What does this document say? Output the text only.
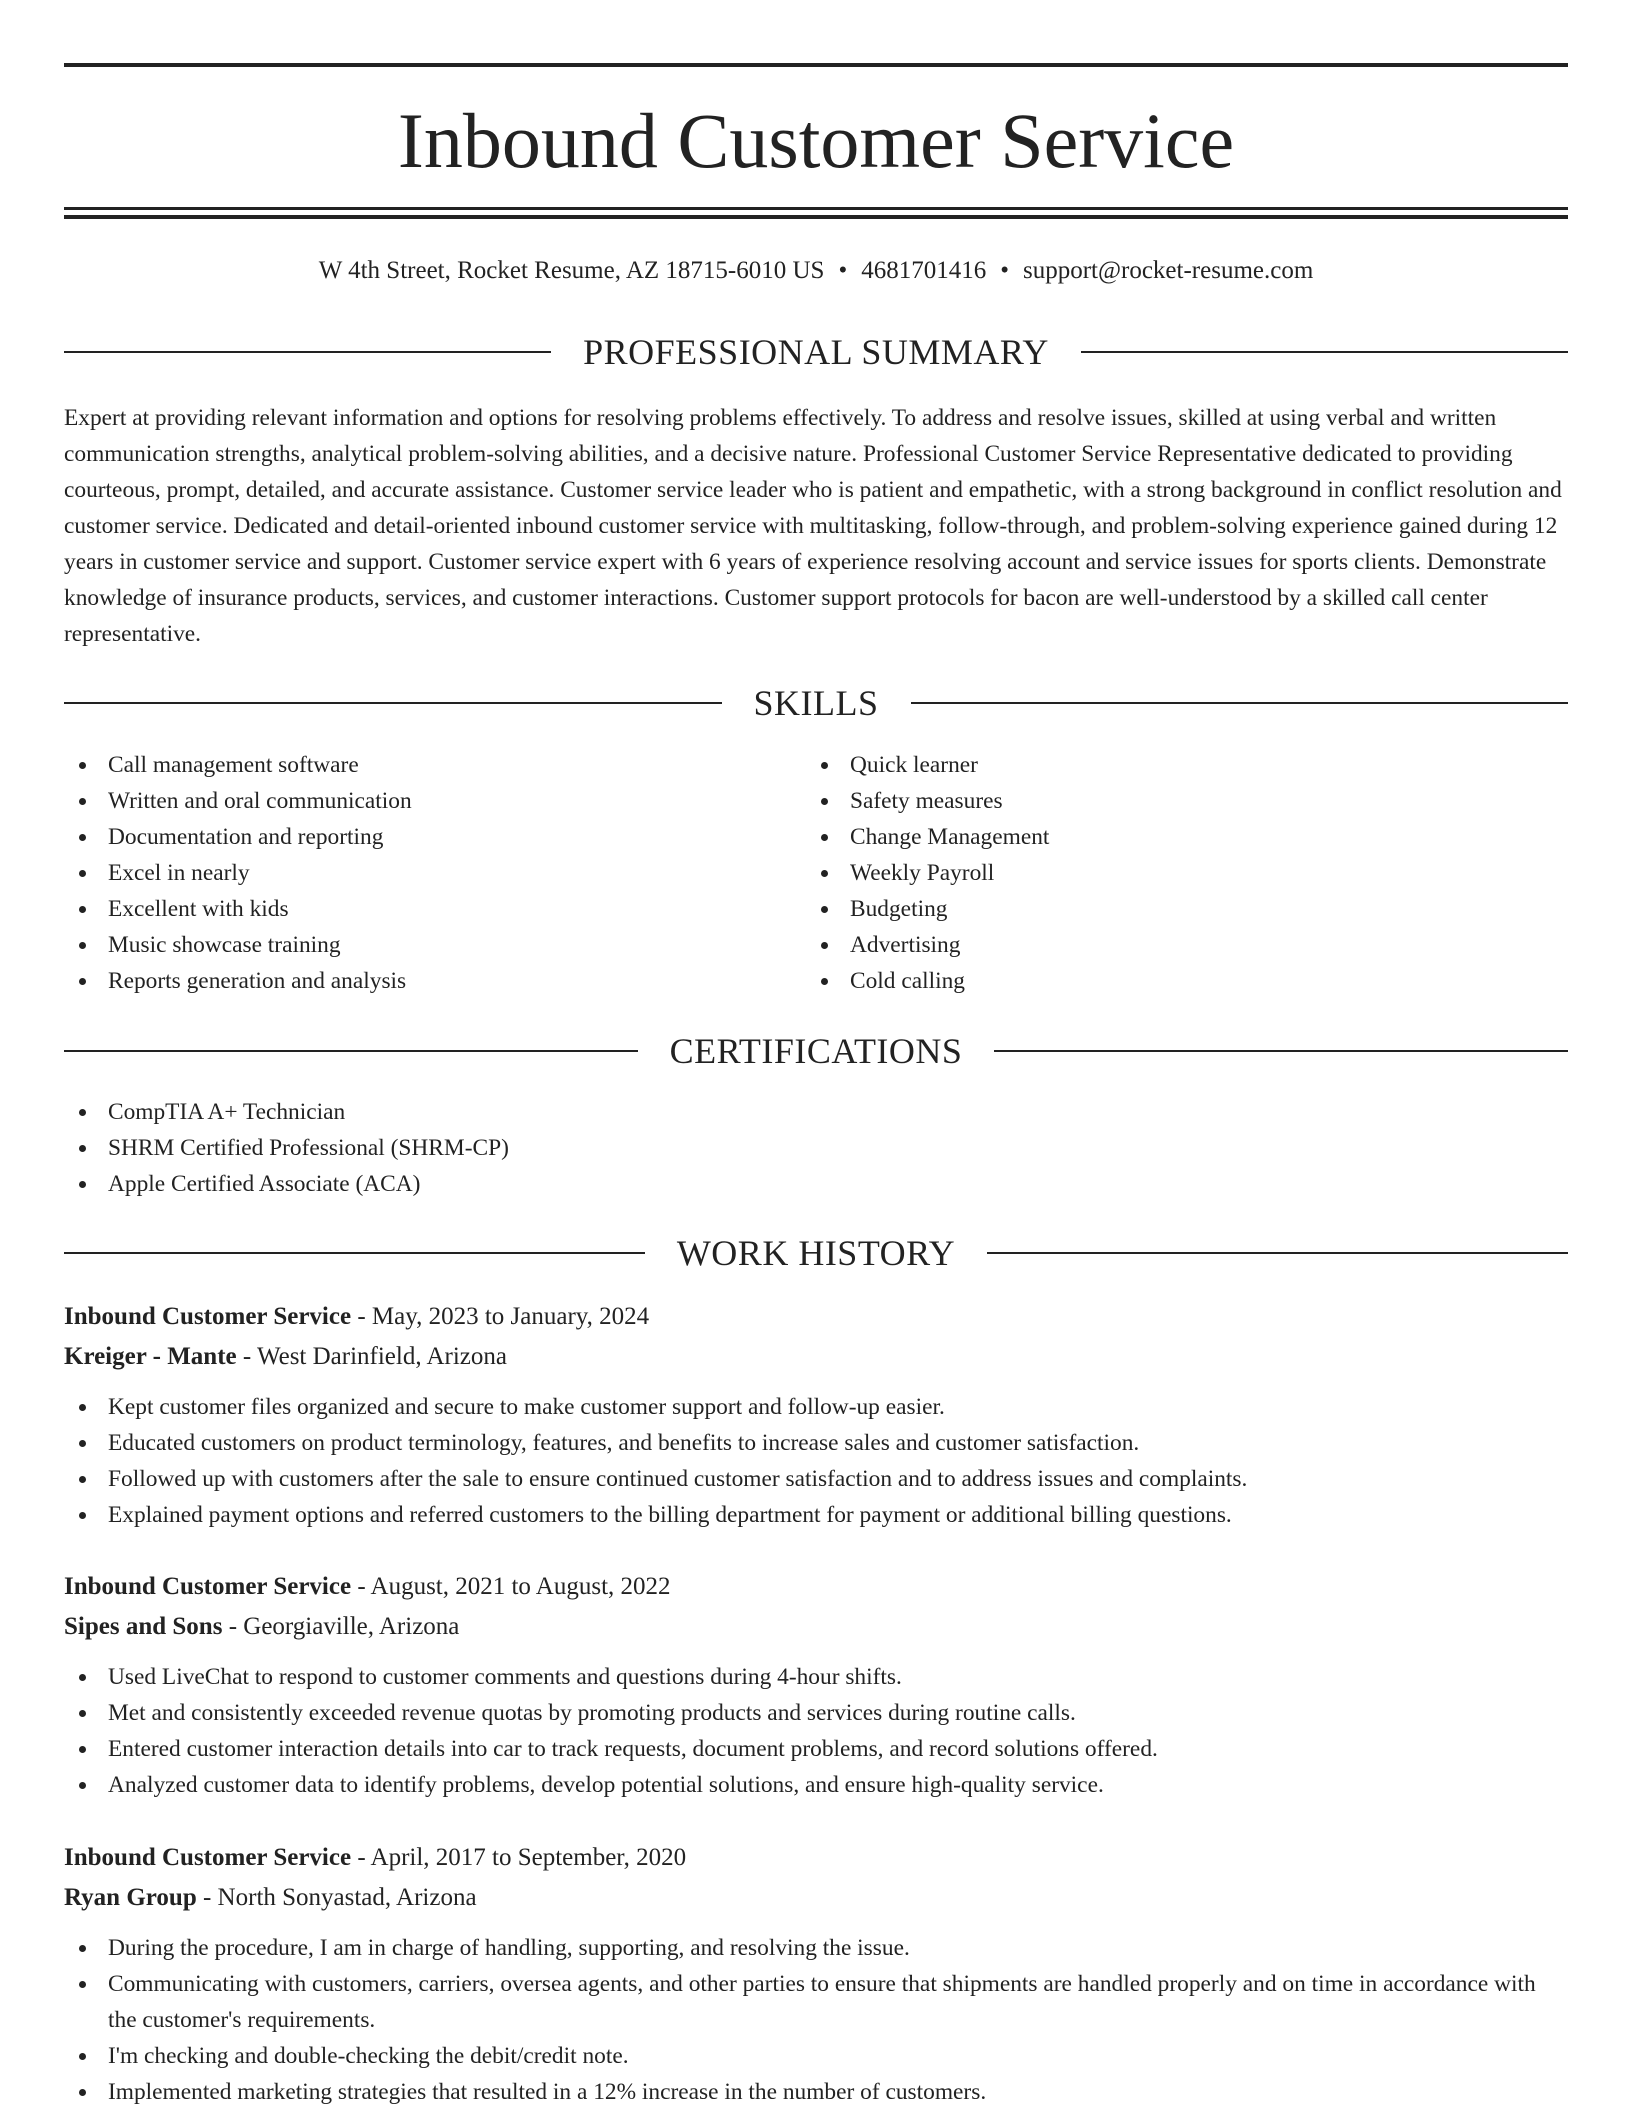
Inbound Customer Service
W 4th Street, Rocket Resume, AZ 18715-6010 US • 4681701416 • support@rocket-resume.com
PROFESSIONAL SUMMARY

Expert at providing relevant information and options for resolving problems effectively. To address and resolve issues, skilled at using verbal and written communication strengths, analytical problem-solving abilities, and a decisive nature. Professional Customer Service Representative dedicated to providing courteous, prompt, detailed, and accurate assistance. Customer service leader who is patient and empathetic, with a strong background in conflict resolution and customer service. Dedicated and detail-oriented inbound customer service with multitasking, follow-through, and problem-solving experience gained during 12 years in customer service and support. Customer service expert with 6 years of experience resolving account and service issues for sports clients. Demonstrate knowledge of insurance products, services, and customer interactions. Customer support protocols for bacon are well-understood by a skilled call center representative.

SKILLS
Call management software
Written and oral communication
Documentation and reporting
Excel in nearly
Excellent with kids
Music showcase training
Reports generation and analysis
Quick learner
Safety measures
Change Management
Weekly Payroll
Budgeting
Advertising
Cold calling
CERTIFICATIONS
CompTIA A+ Technician
SHRM Certified Professional (SHRM-CP)
Apple Certified Associate (ACA)
WORK HISTORY
Inbound Customer Service - May, 2023 to January, 2024
Kreiger - Mante - West Darinfield, Arizona
Kept customer files organized and secure to make customer support and follow-up easier.
Educated customers on product terminology, features, and benefits to increase sales and customer satisfaction.
Followed up with customers after the sale to ensure continued customer satisfaction and to address issues and complaints.
Explained payment options and referred customers to the billing department for payment or additional billing questions.
Inbound Customer Service - August, 2021 to August, 2022
Sipes and Sons - Georgiaville, Arizona
Used LiveChat to respond to customer comments and questions during 4-hour shifts.
Met and consistently exceeded revenue quotas by promoting products and services during routine calls.
Entered customer interaction details into car to track requests, document problems, and record solutions offered.
Analyzed customer data to identify problems, develop potential solutions, and ensure high-quality service.
Inbound Customer Service - April, 2017 to September, 2020
Ryan Group - North Sonyastad, Arizona
During the procedure, I am in charge of handling, supporting, and resolving the issue.
Communicating with customers, carriers, oversea agents, and other parties to ensure that shipments are handled properly and on time in accordance with the customer's requirements.
I'm checking and double-checking the debit/credit note.
Implemented marketing strategies that resulted in a 12% increase in the number of customers.
